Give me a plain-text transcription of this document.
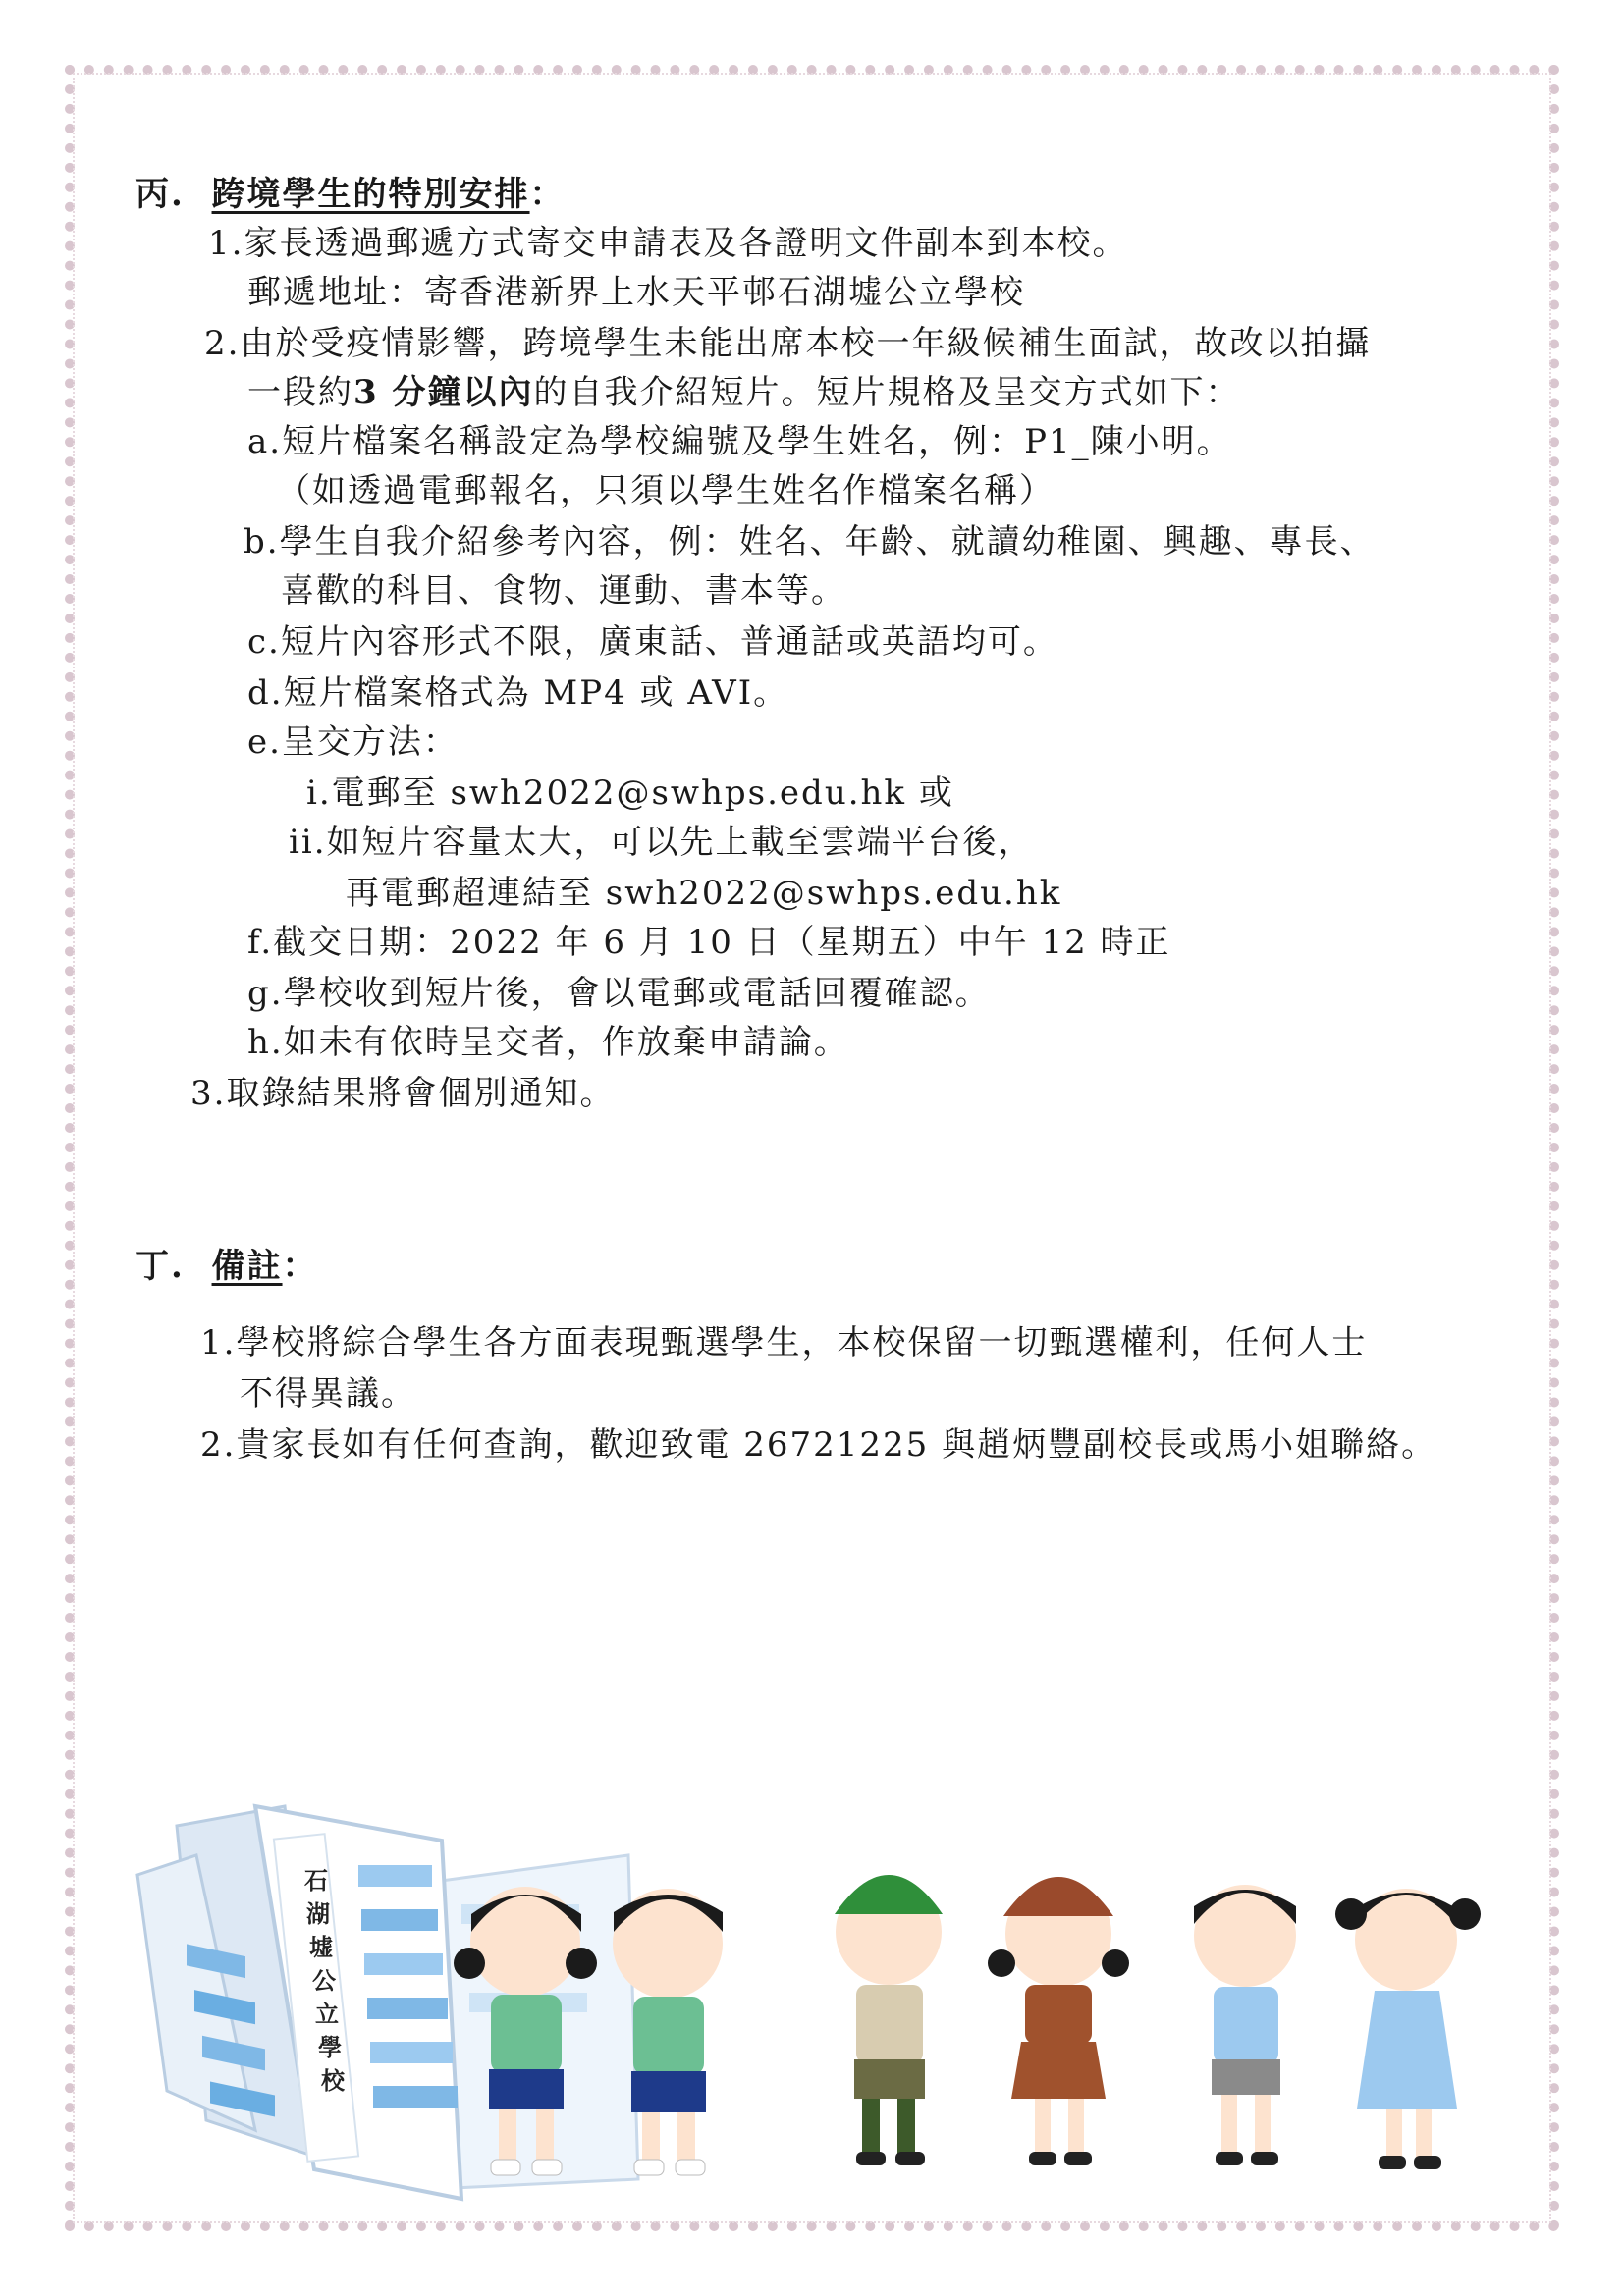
丙. 跨境學生的特別安排：
1.家長透過郵遞方式寄交申請表及各證明文件副本到本校。
郵遞地址：寄香港新界上水天平邨石湖墟公立學校
2.由於受疫情影響，跨境學生未能出席本校一年級候補生面試，故改以拍攝
一段約3 分鐘以內的自我介紹短片。短片規格及呈交方式如下：
a.短片檔案名稱設定為學校編號及學生姓名，例：P1_陳小明。
（如透過電郵報名，只須以學生姓名作檔案名稱）
b.學生自我介紹參考內容，例：姓名、年齡、就讀幼稚園、興趣、專長、
喜歡的科目、食物、運動、書本等。
c.短片內容形式不限，廣東話、普通話或英語均可。
d.短片檔案格式為 MP4 或 AVI。
e.呈交方法：
i.電郵至 swh2022@swhps.edu.hk 或
ii.如短片容量太大，可以先上載至雲端平台後，
再電郵超連結至 swh2022@swhps.edu.hk
f.截交日期：2022 年 6 月 10 日（星期五）中午 12 時正
g.學校收到短片後，會以電郵或電話回覆確認。
h.如未有依時呈交者，作放棄申請論。
3.取錄結果將會個別通知。
丁. 備註：
1.學校將綜合學生各方面表現甄選學生，本校保留一切甄選權利，任何人士
不得異議。
2.貴家長如有任何查詢，歡迎致電 26721225 與趙炳豐副校長或馬小姐聯絡。
石
湖
墟
公
立
學
校
